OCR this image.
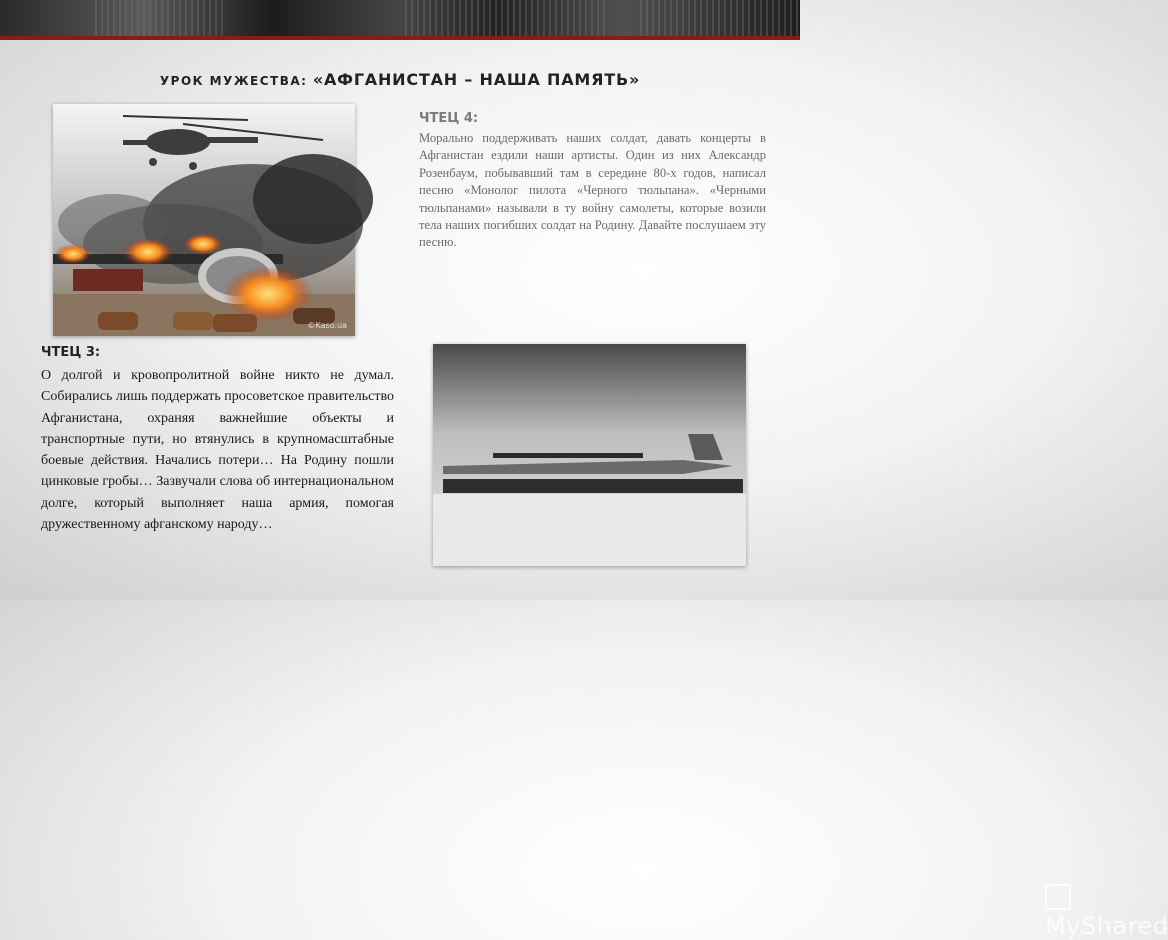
УРОК МУЖЕСТВА: «АФГАНИСТАН – НАША ПАМЯТЬ»
©Kaso.ua
ЧТЕЦ 4:
Морально поддерживать наших солдат, давать концерты в Афганистан ездили наши артисты. Один из них Александр Розенбаум, побывавший там в середине 80-х годов, написал песню «Монолог пилота «Черного тюльпана». «Черными тюльпанами» называли в ту войну самолеты, которые возили тела наших погибших солдат на Родину. Давайте послушаем эту песню.
ЧТЕЦ 3:
О долгой и кровопролитной войне никто не думал. Собирались лишь поддержать просоветское правительство Афганистана, охраняя важнейшие объекты и транспортные пути, но втянулись в крупномасштабные боевые действия. Начались потери… На Родину пошли цинковые гробы… Зазвучали слова об интернациональном долге, который выполняет наша армия, помогая дружественному афганскому народу…
MyShared
